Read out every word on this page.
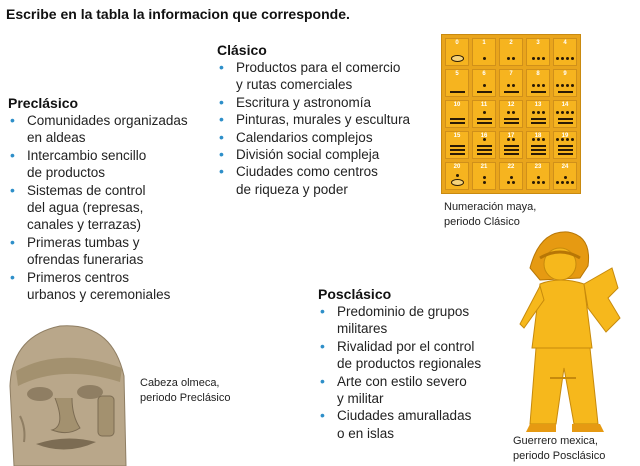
Escribe en la tabla la informacion que corresponde.
Preclásico
• Comunidades organizadas
en aldeas
• Intercambio sencillo
de productos
• Sistemas de control
del agua (represas,
canales y terrazas)
• Primeras tumbas y
ofrendas funerarias
• Primeros centros
urbanos y ceremoniales
Clásico
• Productos para el comercio
y rutas comerciales
• Escritura y astronomía
• Pinturas, murales y escultura
• Calendarios complejos
• División social compleja
• Ciudades como centros
de riqueza y poder
Posclásico
• Predominio de grupos
militares
• Rivalidad por el control
de productos regionales
• Arte con estilo severo
y militar
• Ciudades amuralladas
o en islas
0	1	2	3	4
5	6	7	8	9
10	11	12	13	14
15	16	17	18	19
20	21	22	23	24
Numeración maya,
periodo Clásico
Cabeza olmeca,
periodo Preclásico
Guerrero mexica,
periodo Posclásico
